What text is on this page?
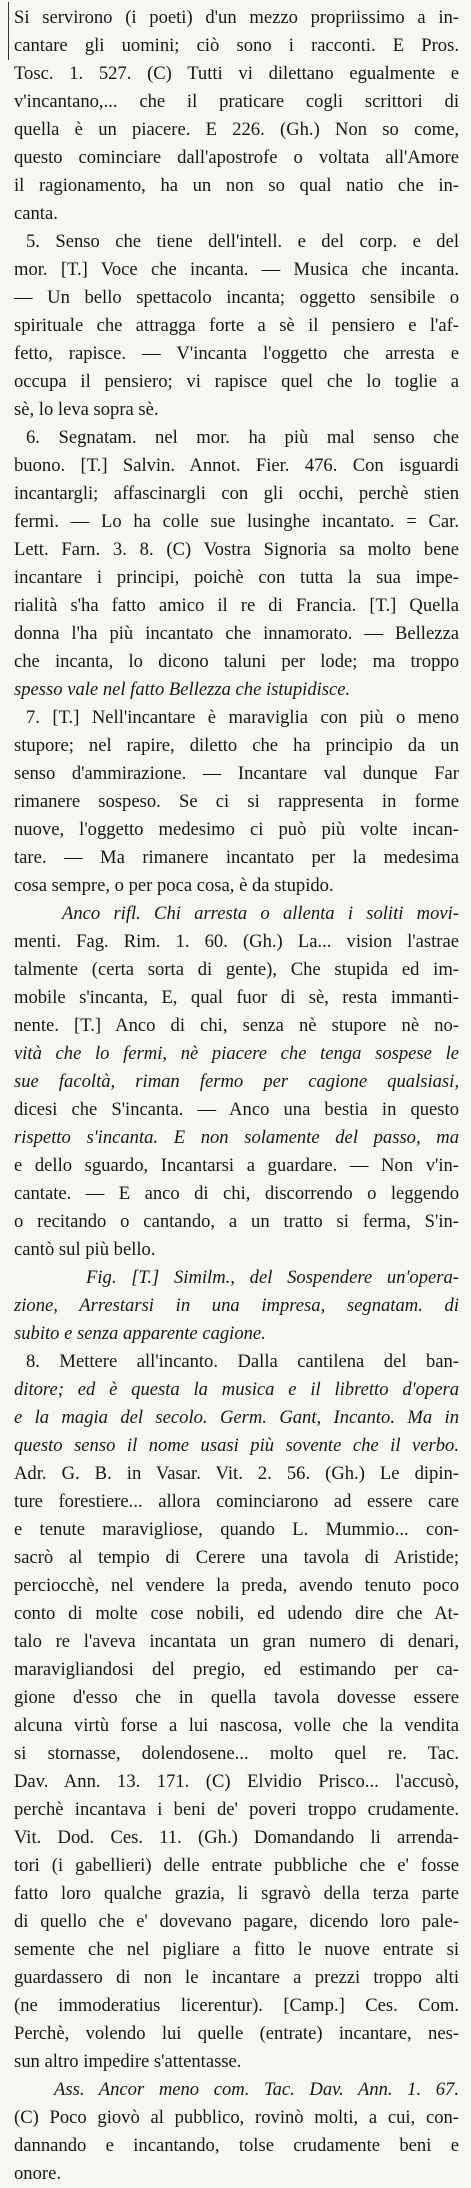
Si servirono (i poeti) d'un mezzo propriissimo a in-
cantare gli uomini; ciò sono i racconti. E Pros.
Tosc. 1. 527. (C) Tutti vi dilettano egualmente e
v'incantano,... che il praticare cogli scrittori di
quella è un piacere. E 226. (Gh.) Non so come,
questo cominciare dall'apostrofe o voltata all'Amore
il ragionamento, ha un non so qual natio che in-
canta.
5. Senso che tiene dell'intell. e del corp. e del
mor. [T.] Voce che incanta. — Musica che incanta.
— Un bello spettacolo incanta; oggetto sensibile o
spirituale che attragga forte a sè il pensiero e l'af-
fetto, rapisce. — V'incanta l'oggetto che arresta e
occupa il pensiero; vi rapisce quel che lo toglie a
sè, lo leva sopra sè.
6. Segnatam. nel mor. ha più mal senso che
buono. [T.] Salvin. Annot. Fier. 476. Con isguardi
incantargli; affascinargli con gli occhi, perchè stien
fermi. — Lo ha colle sue lusinghe incantato. = Car.
Lett. Farn. 3. 8. (C) Vostra Signoria sa molto bene
incantare i principi, poichè con tutta la sua impe-
rialità s'ha fatto amico il re di Francia. [T.] Quella
donna l'ha più incantato che innamorato. — Bellezza
che incanta, lo dicono taluni per lode; ma troppo
spesso vale nel fatto Bellezza che istupidisce.
7. [T.] Nell'incantare è maraviglia con più o meno
stupore; nel rapire, diletto che ha principio da un
senso d'ammirazione. — Incantare val dunque Far
rimanere sospeso. Se ci si rappresenta in forme
nuove, l'oggetto medesimo ci può più volte incan-
tare. — Ma rimanere incantato per la medesima
cosa sempre, o per poca cosa, è da stupido.
Anco rifl. Chi arresta o allenta i soliti movi-
menti. Fag. Rim. 1. 60. (Gh.) La... vision l'astrae
talmente (certa sorta di gente), Che stupida ed im-
mobile s'incanta, E, qual fuor di sè, resta immanti-
nente. [T.] Anco di chi, senza nè stupore nè no-
vità che lo fermi, nè piacere che tenga sospese le
sue facoltà, riman fermo per cagione qualsiasi,
dicesi che S'incanta. — Anco una bestia in questo
rispetto s'incanta. E non solamente del passo, ma
e dello sguardo, Incantarsi a guardare. — Non v'in-
cantate. — E anco di chi, discorrendo o leggendo
o recitando o cantando, a un tratto si ferma, S'in-
cantò sul più bello.
Fig. [T.] Similm., del Sospendere un'opera-
zione, Arrestarsi in una impresa, segnatam. di
subito e senza apparente cagione.
8. Mettere all'incanto. Dalla cantilena del ban-
ditore; ed è questa la musica e il libretto d'opera
e la magia del secolo. Germ. Gant, Incanto. Ma in
questo senso il nome usasi più sovente che il verbo.
Adr. G. B. in Vasar. Vit. 2. 56. (Gh.) Le dipin-
ture forestiere... allora cominciarono ad essere care
e tenute maravigliose, quando L. Mummio... con-
sacrò al tempio di Cerere una tavola di Aristide;
perciocchè, nel vendere la preda, avendo tenuto poco
conto di molte cose nobili, ed udendo dire che At-
talo re l'aveva incantata un gran numero di denari,
maravigliandosi del pregio, ed estimando per ca-
gione d'esso che in quella tavola dovesse essere
alcuna virtù forse a lui nascosa, volle che la vendita
si stornasse, dolendosene... molto quel re. Tac.
Dav. Ann. 13. 171. (C) Elvidio Prisco... l'accusò,
perchè incantava i beni de' poveri troppo crudamente.
Vit. Dod. Ces. 11. (Gh.) Domandando li arrenda-
tori (i gabellieri) delle entrate pubbliche che e' fosse
fatto loro qualche grazia, li sgravò della terza parte
di quello che e' dovevano pagare, dicendo loro pale-
semente che nel pigliare a fitto le nuove entrate si
guardassero di non le incantare a prezzi troppo alti
(ne immoderatius licerentur). [Camp.] Ces. Com.
Perchè, volendo lui quelle (entrate) incantare, nes-
sun altro impedire s'attentasse.
Ass. Ancor meno com. Tac. Dav. Ann. 1. 67.
(C) Poco giovò al pubblico, rovinò molti, a cui, con-
dannando e incantando, tolse crudamente beni e
onore.
